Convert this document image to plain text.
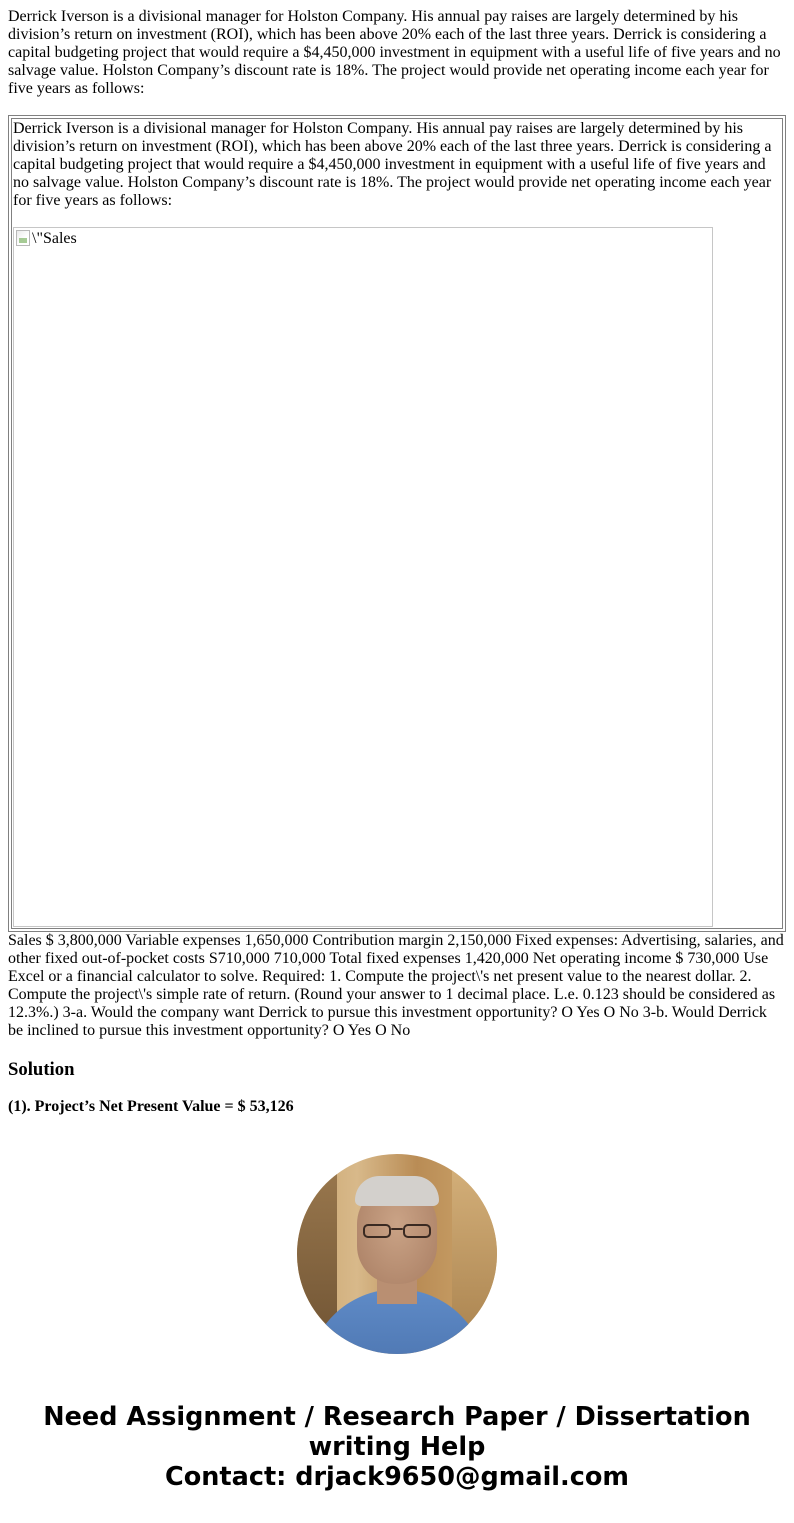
Derrick Iverson is a divisional manager for Holston Company. His annual pay raises are largely determined by his division’s return on investment (ROI), which has been above 20% each of the last three years. Derrick is considering a capital budgeting project that would require a $4,450,000 investment in equipment with a useful life of five years and no salvage value. Holston Company’s discount rate is 18%. The project would provide net operating income each year for five years as follows:

Derrick Iverson is a divisional manager for Holston Company. His annual pay raises are largely determined by his division’s return on investment (ROI), which has been above 20% each of the last three years. Derrick is considering a capital budgeting project that would require a $4,450,000 investment in equipment with a useful life of five years and no salvage value. Holston Company’s discount rate is 18%. The project would provide net operating income each year for five years as follows:

\"Sales

Sales $ 3,800,000 Variable expenses 1,650,000 Contribution margin 2,150,000 Fixed expenses: Advertising, salaries, and other fixed out-of-pocket costs S710,000 710,000 Total fixed expenses 1,420,000 Net operating income $ 730,000 Use Excel or a financial calculator to solve. Required: 1. Compute the project\'s net present value to the nearest dollar. 2. Compute the project\'s simple rate of return. (Round your answer to 1 decimal place. L.e. 0.123 should be considered as 12.3%.) 3-a. Would the company want Derrick to pursue this investment opportunity? O Yes O No 3-b. Would Derrick be inclined to pursue this investment opportunity? O Yes O No

Solution
(1). Project’s Net Present Value = $ 53,126
Need Assignment / Research Paper / Dissertation writing Help
Contact: drjack9650@gmail.com
